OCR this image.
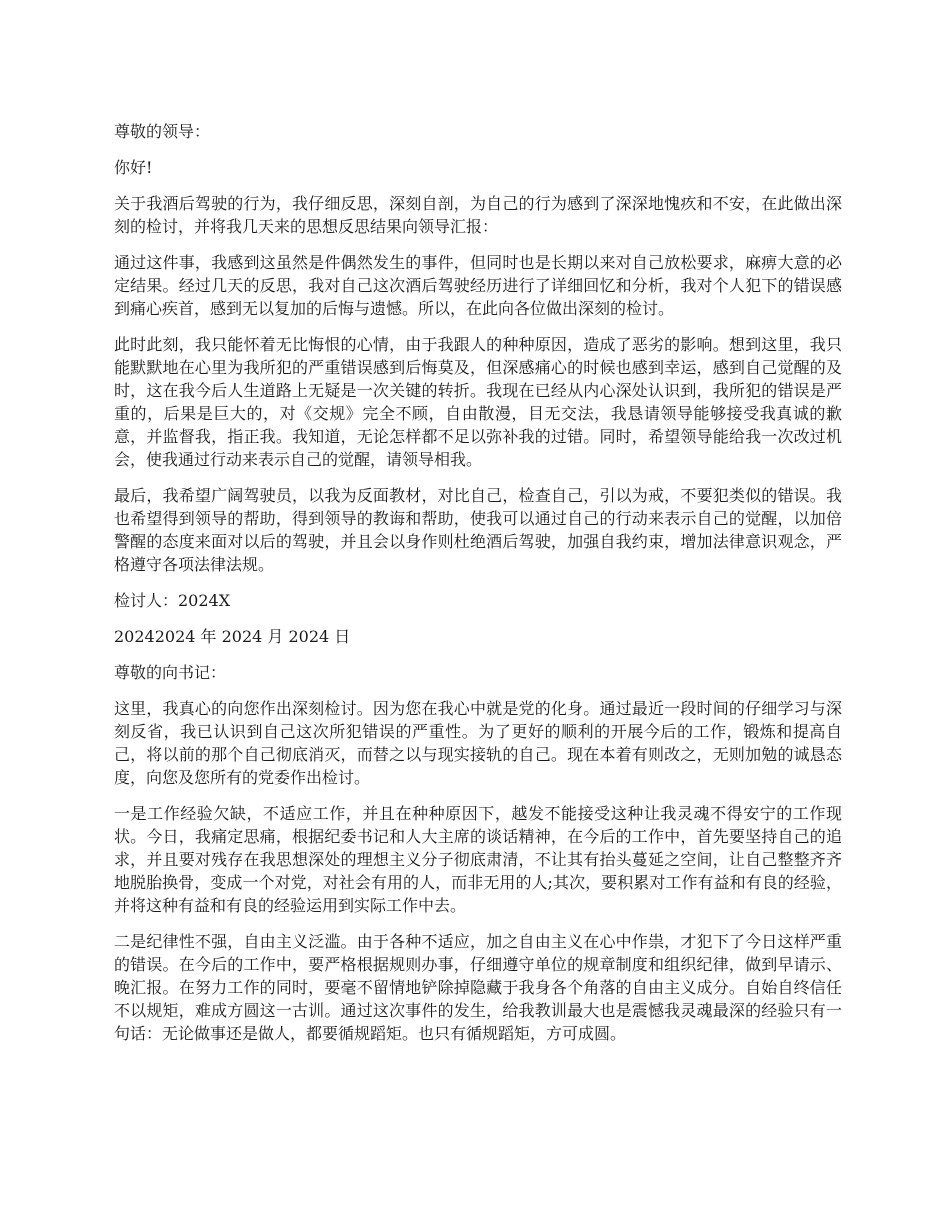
尊敬的领导：

你好!

关于我酒后驾驶的行为，我仔细反思，深刻自剖，为自己的行为感到了深深地愧疚和不安，在此做出深刻的检讨，并将我几天来的思想反思结果向领导汇报：

通过这件事，我感到这虽然是件偶然发生的事件，但同时也是长期以来对自己放松要求，麻痹大意的必定结果。经过几天的反思，我对自己这次酒后驾驶经历进行了详细回忆和分析，我对个人犯下的错误感到痛心疾首，感到无以复加的后悔与遗憾。所以，在此向各位做出深刻的检讨。

此时此刻，我只能怀着无比悔恨的心情，由于我跟人的种种原因，造成了恶劣的影响。想到这里，我只能默默地在心里为我所犯的严重错误感到后悔莫及，但深感痛心的时候也感到幸运，感到自己觉醒的及时，这在我今后人生道路上无疑是一次关键的转折。我现在已经从内心深处认识到，我所犯的错误是严重的，后果是巨大的，对《交规》完全不顾，自由散漫，目无交法，我恳请领导能够接受我真诚的歉意，并监督我，指正我。我知道，无论怎样都不足以弥补我的过错。同时，希望领导能给我一次改过机会，使我通过行动来表示自己的觉醒，请领导相我。

最后，我希望广阔驾驶员，以我为反面教材，对比自己，检查自己，引以为戒，不要犯类似的错误。我也希望得到领导的帮助，得到领导的教诲和帮助，使我可以通过自己的行动来表示自己的觉醒，以加倍警醒的态度来面对以后的驾驶，并且会以身作则杜绝酒后驾驶，加强自我约束，增加法律意识观念，严格遵守各项法律法规。

检讨人：2024X

20242024 年 2024 月 2024 日

尊敬的向书记：

这里，我真心的向您作出深刻检讨。因为您在我心中就是党的化身。通过最近一段时间的仔细学习与深刻反省，我已认识到自己这次所犯错误的严重性。为了更好的顺利的开展今后的工作，锻炼和提高自己，将以前的那个自己彻底消灭，而替之以与现实接轨的自己。现在本着有则改之，无则加勉的诚恳态度，向您及您所有的党委作出检讨。

一是工作经验欠缺，不适应工作，并且在种种原因下，越发不能接受这种让我灵魂不得安宁的工作现状。今日，我痛定思痛，根据纪委书记和人大主席的谈话精神，在今后的工作中，首先要坚持自己的追求，并且要对残存在我思想深处的理想主义分子彻底肃清，不让其有抬头蔓延之空间，让自己整整齐齐地脱胎换骨，变成一个对党，对社会有用的人，而非无用的人;其次，要积累对工作有益和有良的经验，并将这种有益和有良的经验运用到实际工作中去。

二是纪律性不强，自由主义泛滥。由于各种不适应，加之自由主义在心中作祟，才犯下了今日这样严重的错误。在今后的工作中，要严格根据规则办事，仔细遵守单位的规章制度和组织纪律，做到早请示、晚汇报。在努力工作的同时，要毫不留情地铲除掉隐藏于我身各个角落的自由主义成分。自始自终信任不以规矩，难成方圆这一古训。通过这次事件的发生，给我教训最大也是震憾我灵魂最深的经验只有一句话：无论做事还是做人，都要循规蹈矩。也只有循规蹈矩，方可成圆。
